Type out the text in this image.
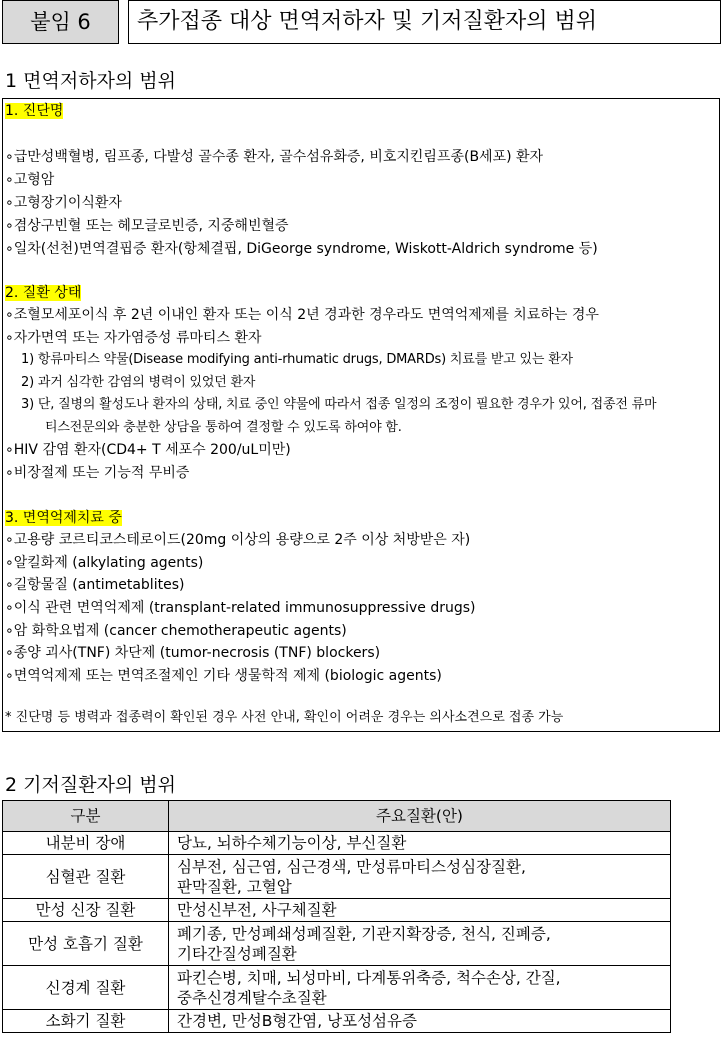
붙임 6	추가접종 대상 면역저하자 및 기저질환자의 범위
1 면역저하자의 범위
1. 진단명
∘급만성백혈병, 림프종, 다발성 골수종 환자, 골수섬유화증, 비호지킨림프종(B세포) 환자
∘고형암
∘고형장기이식환자
∘겸상구빈혈 또는 헤모글로빈증, 지중해빈혈증
∘일차(선천)면역결핍증 환자(항체결핍, DiGeorge syndrome, Wiskott-Aldrich syndrome 등)
2. 질환 상태
∘조혈모세포이식 후 2년 이내인 환자 또는 이식 2년 경과한 경우라도 면역억제제를 치료하는 경우
∘자가면역 또는 자가염증성 류마티스 환자
1) 항류마티스 약물(Disease modifying anti-rhumatic drugs, DMARDs) 치료를 받고 있는 환자
2) 과거 심각한 감염의 병력이 있었던 환자
3) 단, 질병의 활성도나 환자의 상태, 치료 중인 약물에 따라서 접종 일정의 조정이 필요한 경우가 있어, 접종전 류마
티스전문의와 충분한 상담을 통하여 결정할 수 있도록 하여야 함.
∘HIV 감염 환자(CD4+ T 세포수 200/uL미만)
∘비장절제 또는 기능적 무비증
3. 면역억제치료 중
∘고용량 코르티코스테로이드(20mg 이상의 용량으로 2주 이상 처방받은 자)
∘알킬화제 (alkylating agents)
∘길항물질 (antimetablites)
∘이식 관련 면역억제제 (transplant-related immunosuppressive drugs)
∘암 화학요법제 (cancer chemotherapeutic agents)
∘종양 괴사(TNF) 차단제 (tumor-necrosis (TNF) blockers)
∘면역억제제 또는 면역조절제인 기타 생물학적 제제 (biologic agents)
* 진단명 등 병력과 접종력이 확인된 경우 사전 안내, 확인이 어려운 경우는 의사소견으로 접종 가능
2 기저질환자의 범위
구분	주요질환(안)
내분비 장애	당뇨, 뇌하수체기능이상, 부신질환

심혈관 질환	심부전, 심근염, 심근경색, 만성류마티스성심장질환,
판막질환, 고혈압

만성 신장 질환	만성신부전, 사구체질환

만성 호흡기 질환	폐기종, 만성폐쇄성폐질환, 기관지확장증, 천식, 진폐증,
기타간질성폐질환

신경계 질환	파킨슨병, 치매, 뇌성마비, 다계통위축증, 척수손상, 간질,
중추신경계탈수초질환

소화기 질환	간경변, 만성B형간염, 낭포성섬유증
